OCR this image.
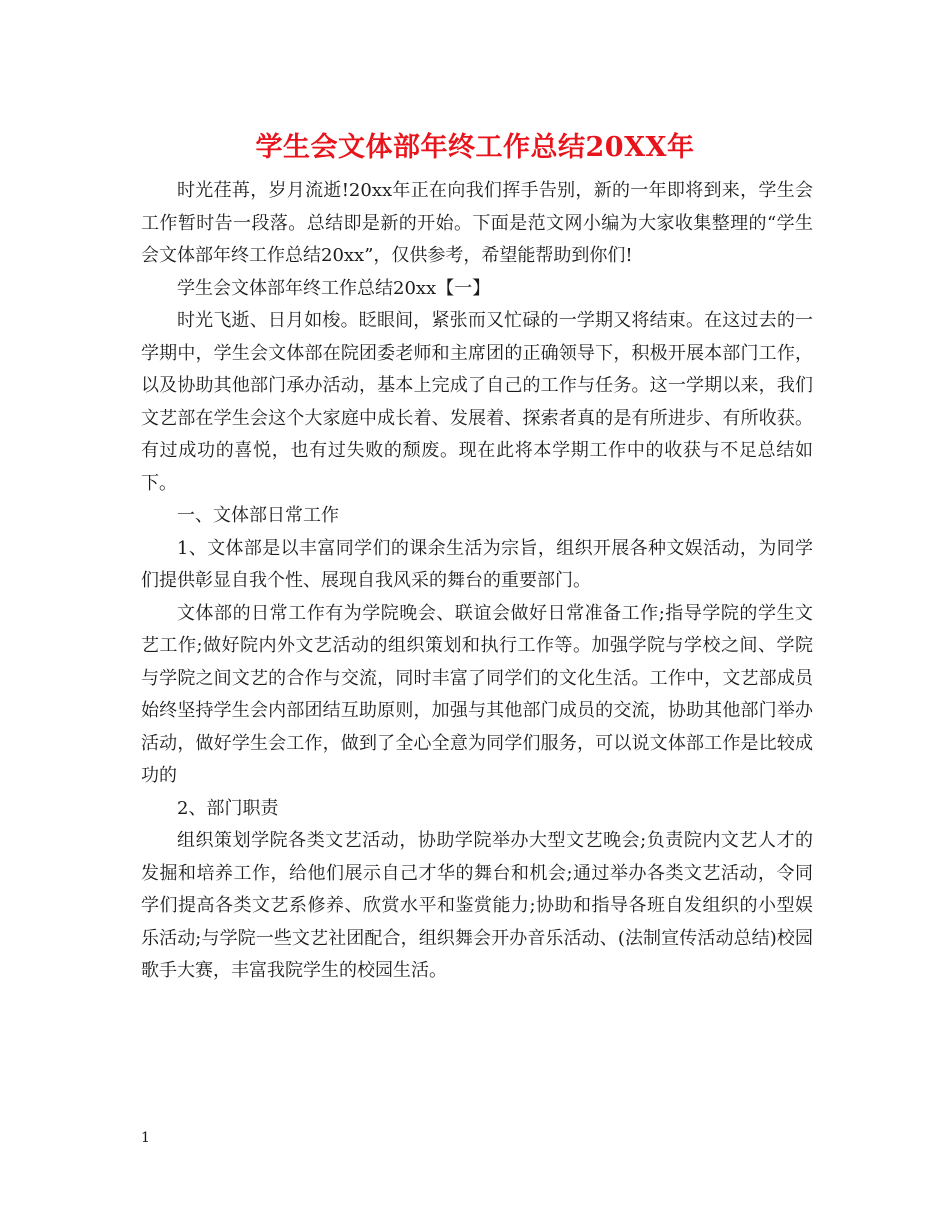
学生会文体部年终工作总结20XX年

时光荏苒，岁月流逝!20xx年正在向我们挥手告别，新的一年即将到来，学生会工作暂时告一段落。总结即是新的开始。下面是范文网小编为大家收集整理的“学生会文体部年终工作总结20xx”，仅供参考，希望能帮助到你们!

学生会文体部年终工作总结20xx【一】

时光飞逝、日月如梭。眨眼间，紧张而又忙碌的一学期又将结束。在这过去的一学期中，学生会文体部在院团委老师和主席团的正确领导下，积极开展本部门工作，以及协助其他部门承办活动，基本上完成了自己的工作与任务。这一学期以来，我们文艺部在学生会这个大家庭中成长着、发展着、探索者真的是有所进步、有所收获。有过成功的喜悦，也有过失败的颓废。现在此将本学期工作中的收获与不足总结如下。

一、文体部日常工作

1、文体部是以丰富同学们的课余生活为宗旨，组织开展各种文娱活动，为同学们提供彰显自我个性、展现自我风采的舞台的重要部门。

文体部的日常工作有为学院晚会、联谊会做好日常准备工作;指导学院的学生文艺工作;做好院内外文艺活动的组织策划和执行工作等。加强学院与学校之间、学院与学院之间文艺的合作与交流，同时丰富了同学们的文化生活。工作中，文艺部成员始终坚持学生会内部团结互助原则，加强与其他部门成员的交流，协助其他部门举办活动，做好学生会工作，做到了全心全意为同学们服务，可以说文体部工作是比较成功的

2、部门职责

组织策划学院各类文艺活动，协助学院举办大型文艺晚会;负责院内文艺人才的发掘和培养工作，给他们展示自己才华的舞台和机会;通过举办各类文艺活动，令同学们提高各类文艺系修养、欣赏水平和鉴赏能力;协助和指导各班自发组织的小型娱乐活动;与学院一些文艺社团配合，组织舞会开办音乐活动、(法制宣传活动总结)校园歌手大赛，丰富我院学生的校园生活。

1
